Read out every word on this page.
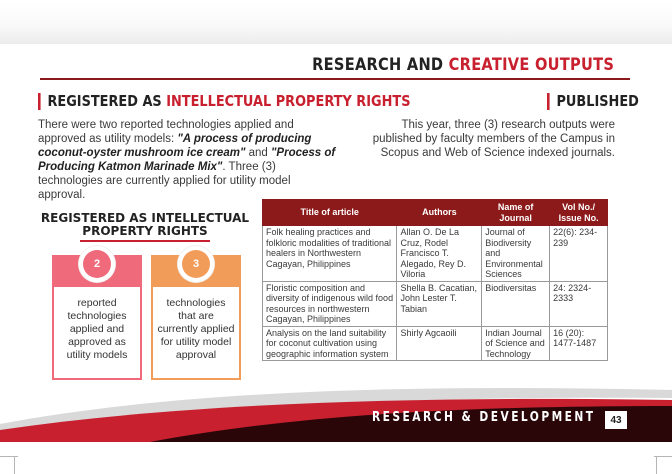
RESEARCH AND CREATIVE OUTPUTS
REGISTERED AS INTELLECTUAL PROPERTY RIGHTS	PUBLISHED
There were two reported technologies applied and approved as utility models: "A process of producing coconut-oyster mushroom ice cream" and "Process of Producing Katmon Marinade Mix". Three (3) technologies are currently applied for utility model approval.
This year, three (3) research outputs were published by faculty members of the Campus in Scopus and Web of Science indexed journals.
REGISTERED AS INTELLECTUAL PROPERTY RIGHTS
2
reported technologies applied and approved as utility models
3
technologies that are currently applied for utility model approval
Title of article	Authors	Name of Journal	Vol No./ Issue No.
Folk healing practices and folkloric modalities of traditional healers in Northwestern Cagayan, Philippines	Allan O. De La Cruz, Rodel Francisco T. Alegado, Rey D. Viloria	Journal of Biodiversity and Environmental Sciences	22(6): 234-239
Floristic composition and diversity of indigenous wild food resources in northwestern Cagayan, Philippines	Shella B. Cacatian, John Lester T. Tabian	Biodiversitas	24: 2324-2333
Analysis on the land suitability for coconut cultivation using geographic information system	Shirly Agcaoili	Indian Journal of Science and Technology	16 (20): 1477-1487
RESEARCH & DEVELOPMENT	43
